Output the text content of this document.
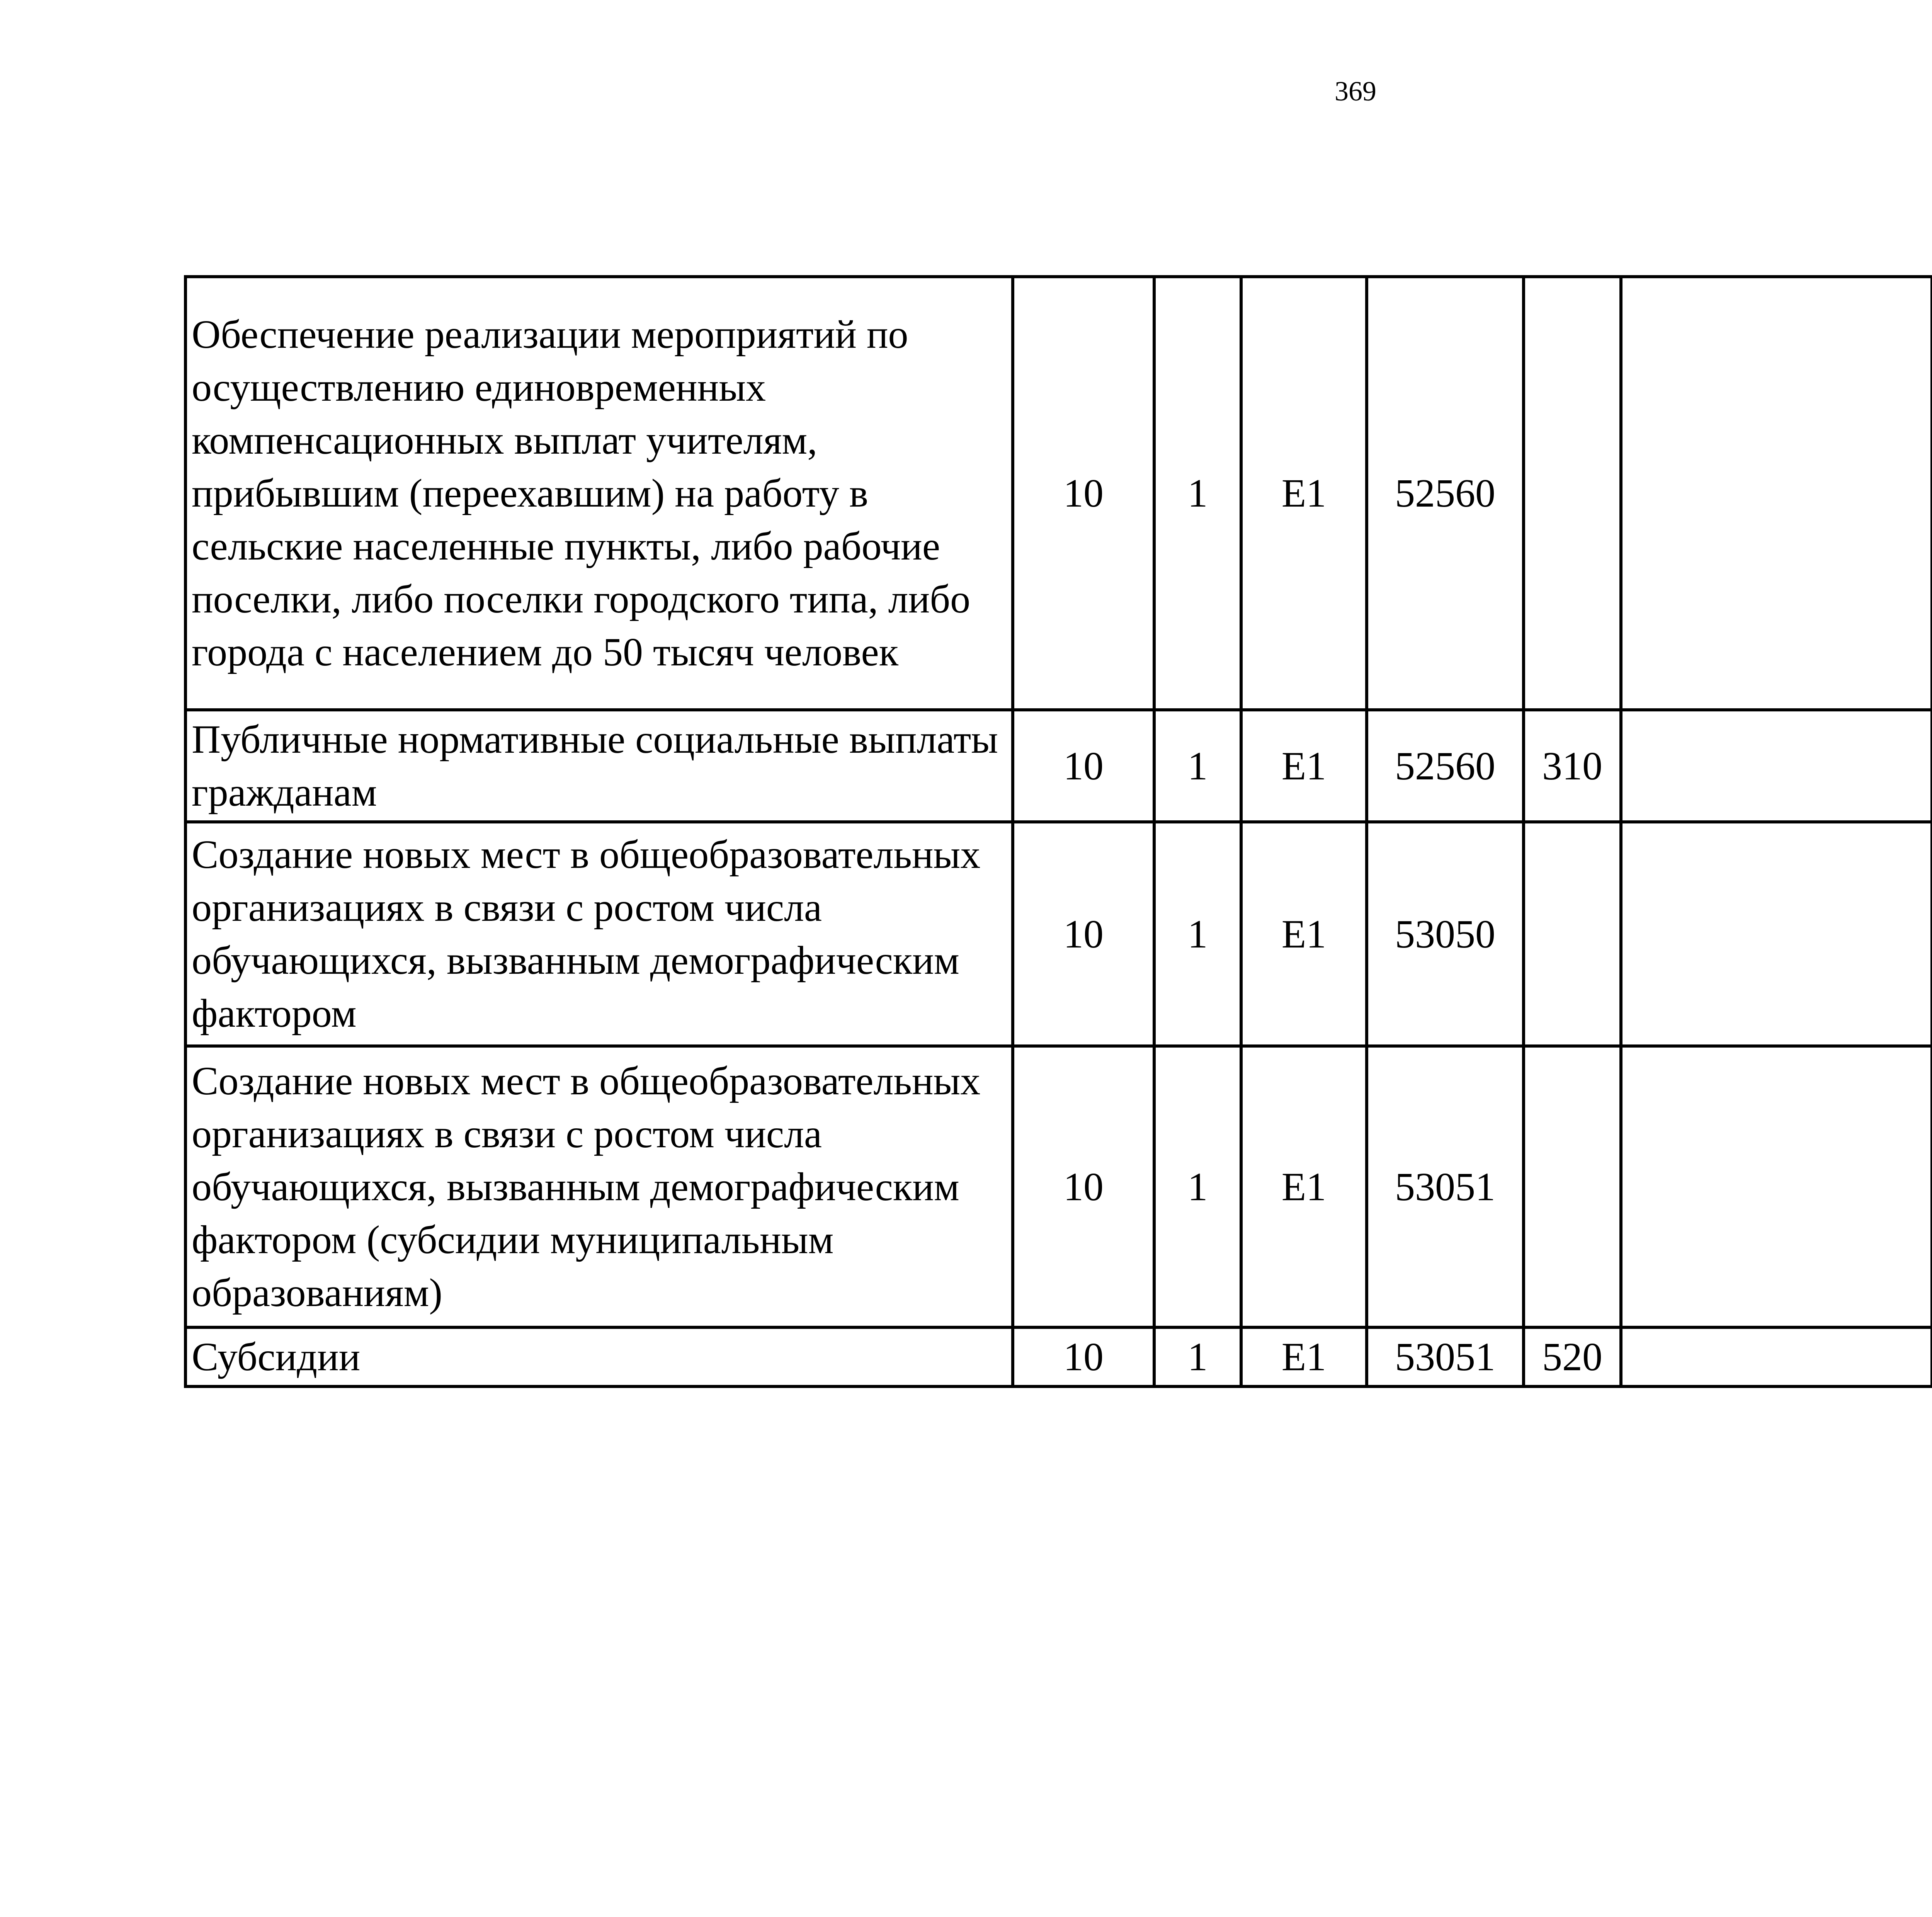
369
Обеспечение реализации мероприятий по осуществлению единовременных компенсационных выплат учителям, прибывшим (переехавшим) на работу в сельские населенные пункты, либо рабочие поселки, либо поселки городского типа, либо города с населением до 50 тысяч человек	10	1	E1	52560				

Публичные нормативные социальные выплаты гражданам	10	1	E1	52560	310			

Создание новых мест в общеобразовательных организациях в связи с ростом числа обучающихся, вызванным демографическим фактором	10	1	E1	53050				

Создание новых мест в общеобразовательных организациях в связи с ростом числа обучающихся, вызванным демографическим фактором (субсидии муниципальным образованиям)	10	1	E1	53051				

Субсидии	10	1	E1	53051	520			
